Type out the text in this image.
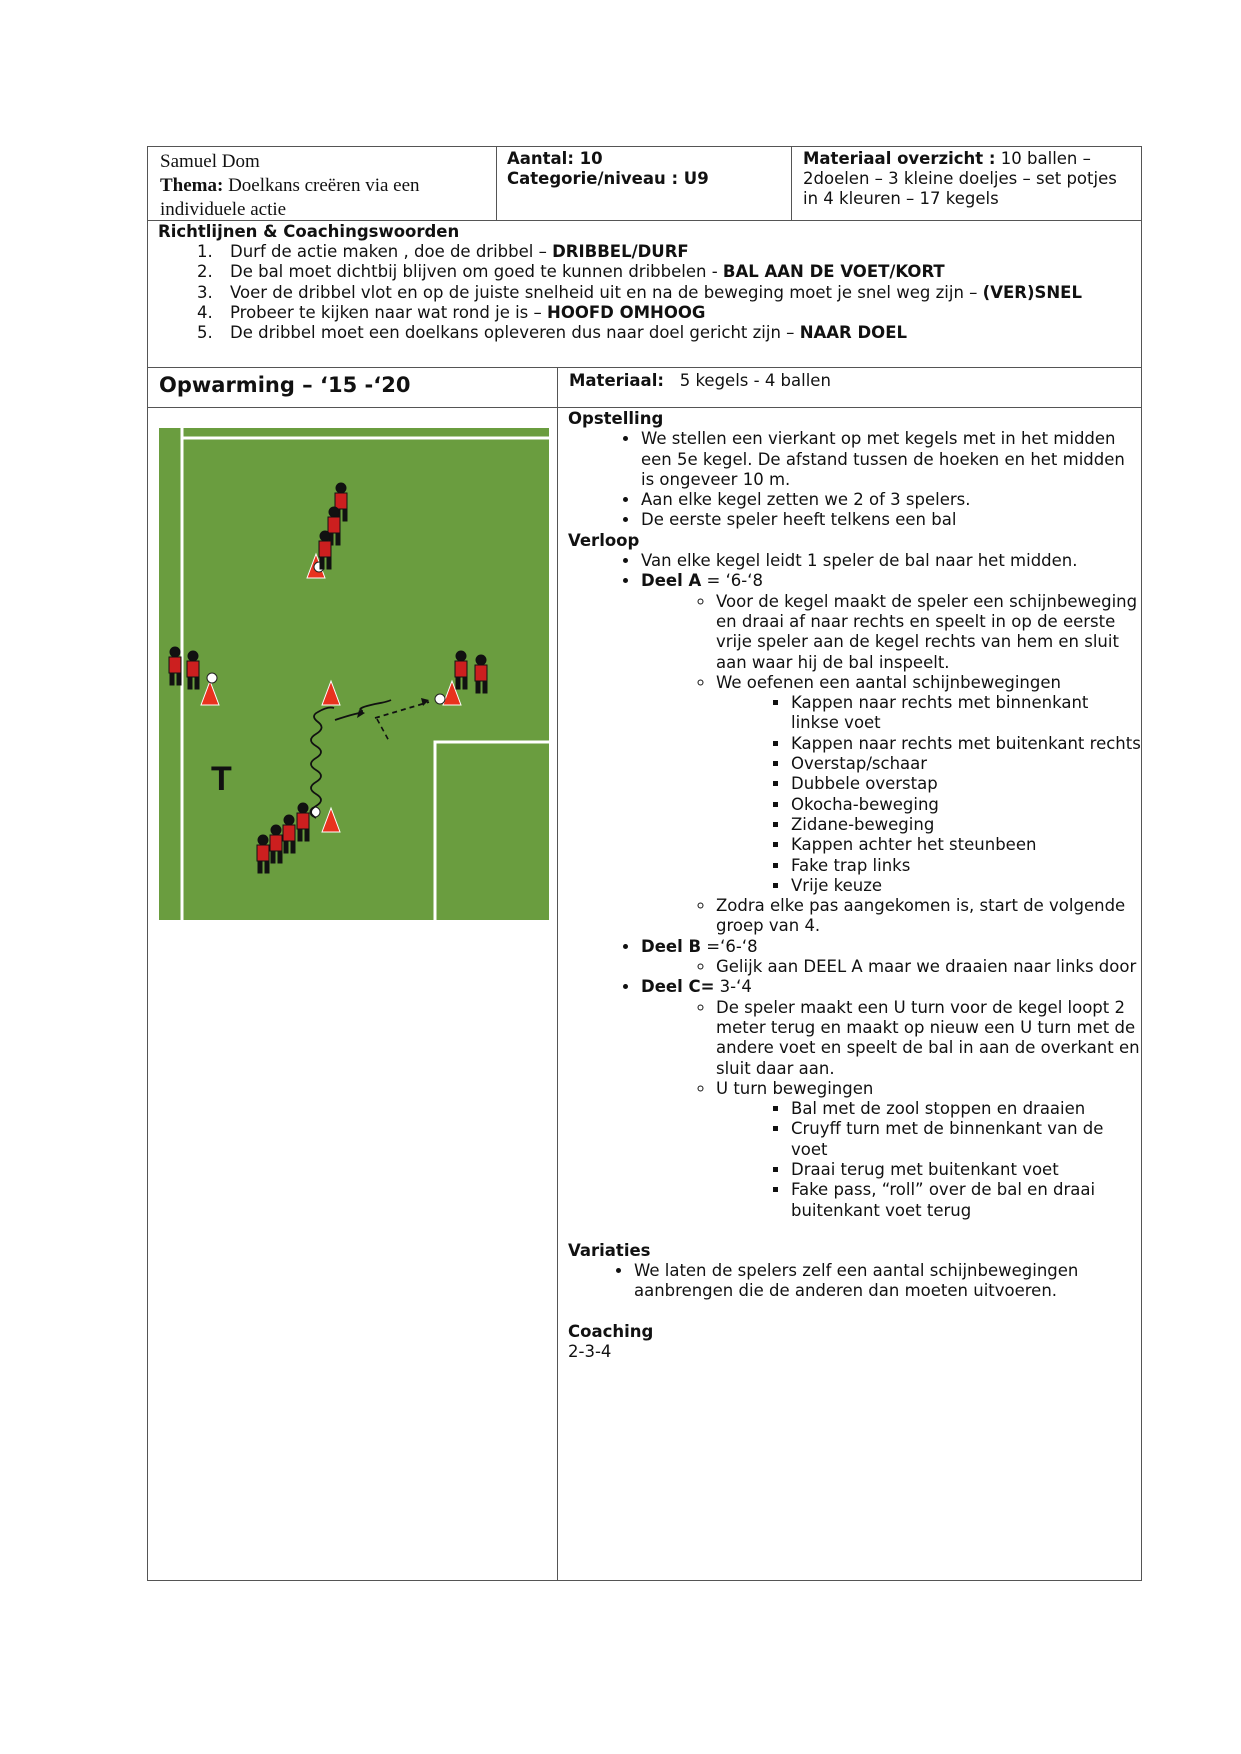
Samuel Dom
Thema: Doelkans creëren via een individuele actie
Aantal: 10
Categorie/niveau : U9
Materiaal overzicht : 10 ballen – 2doelen – 3 kleine doeljes – set potjes in 4 kleuren – 17 kegels
Richtlijnen & Coachingswoorden
1. Durf de actie maken , doe de dribbel – DRIBBEL/DURF
2. De bal moet dichtbij blijven om goed te kunnen dribbelen - BAL AAN DE VOET/KORT
3. Voer de dribbel vlot en op de juiste snelheid uit en na de beweging moet je snel weg zijn – (VER)SNEL
4. Probeer te kijken naar wat rond je is – HOOFD OMHOOG
5. De dribbel moet een doelkans opleveren dus naar doel gericht zijn – NAAR DOEL
Opwarming – ‘15 -‘20	Materiaal: 5 kegels - 4 ballen
T
Opstelling
• We stellen een vierkant op met kegels met in het midden een 5e kegel. De afstand tussen de hoeken en het midden is ongeveer 10 m.
• Aan elke kegel zetten we 2 of 3 spelers.
• De eerste speler heeft telkens een bal
Verloop
• Van elke kegel leidt 1 speler de bal naar het midden.
• Deel A = ‘6-‘8
◦ Voor de kegel maakt de speler een schijnbeweging en draai af naar rechts en speelt in op de eerste vrije speler aan de kegel rechts van hem en sluit aan waar hij de bal inspeelt.
◦ We oefenen een aantal schijnbewegingen
▪ Kappen naar rechts met binnenkant linkse voet
▪ Kappen naar rechts met buitenkant rechts
▪ Overstap/schaar
▪ Dubbele overstap
▪ Okocha-beweging
▪ Zidane-beweging
▪ Kappen achter het steunbeen
▪ Fake trap links
▪ Vrije keuze
◦ Zodra elke pas aangekomen is, start de volgende groep van 4.
• Deel B =‘6-‘8
◦ Gelijk aan DEEL A maar we draaien naar links door
• Deel C= 3-‘4
◦ De speler maakt een U turn voor de kegel loopt 2 meter terug en maakt op nieuw een U turn met de andere voet en speelt de bal in aan de overkant en sluit daar aan.
◦ U turn bewegingen
▪ Bal met de zool stoppen en draaien
▪ Cruyff turn met de binnenkant van de voet
▪ Draai terug met buitenkant voet
▪ Fake pass, “roll” over de bal en draai buitenkant voet terug
Variaties
• We laten de spelers zelf een aantal schijnbewegingen aanbrengen die de anderen dan moeten uitvoeren.
Coaching
2-3-4
